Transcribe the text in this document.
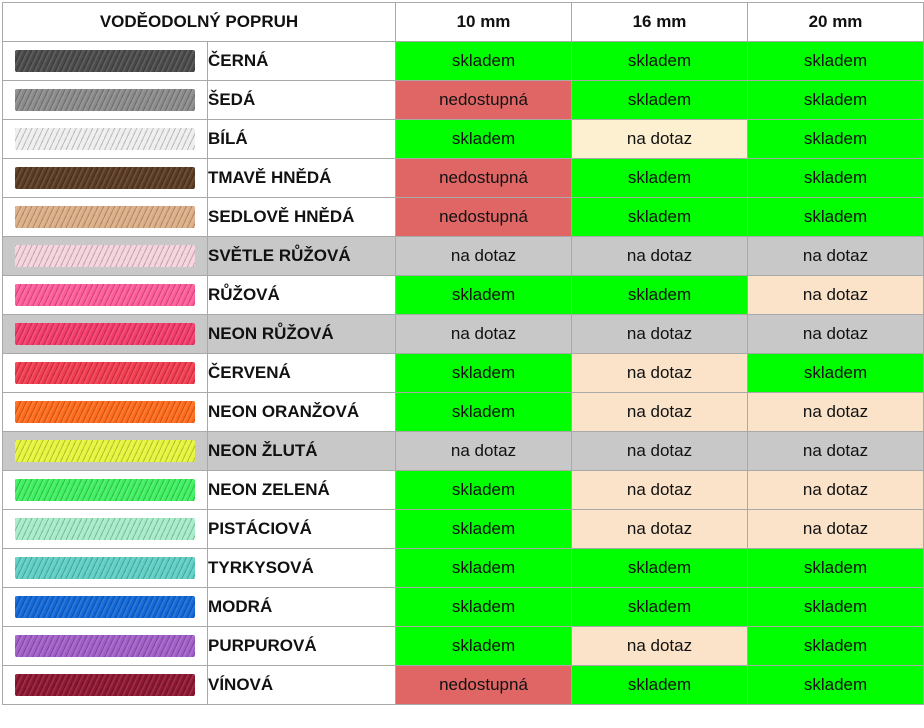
VODĚODOLNÝ POPRUH		10 mm	16 mm	20 mm

	ČERNÁ	skladem	skladem	skladem

	ŠEDÁ	nedostupná	skladem	skladem

	BÍLÁ	skladem	na dotaz	skladem

	TMAVĚ HNĚDÁ	nedostupná	skladem	skladem

	SEDLOVĚ HNĚDÁ	nedostupná	skladem	skladem

	SVĚTLE RŮŽOVÁ	na dotaz	na dotaz	na dotaz

	RŮŽOVÁ	skladem	skladem	na dotaz

	NEON RŮŽOVÁ	na dotaz	na dotaz	na dotaz

	ČERVENÁ	skladem	na dotaz	skladem

	NEON ORANŽOVÁ	skladem	na dotaz	na dotaz

	NEON ŽLUTÁ	na dotaz	na dotaz	na dotaz

	NEON ZELENÁ	skladem	na dotaz	na dotaz

	PISTÁCIOVÁ	skladem	na dotaz	na dotaz

	TYRKYSOVÁ	skladem	skladem	skladem

	MODRÁ	skladem	skladem	skladem

	PURPUROVÁ	skladem	na dotaz	skladem

	VÍNOVÁ	nedostupná	skladem	skladem
